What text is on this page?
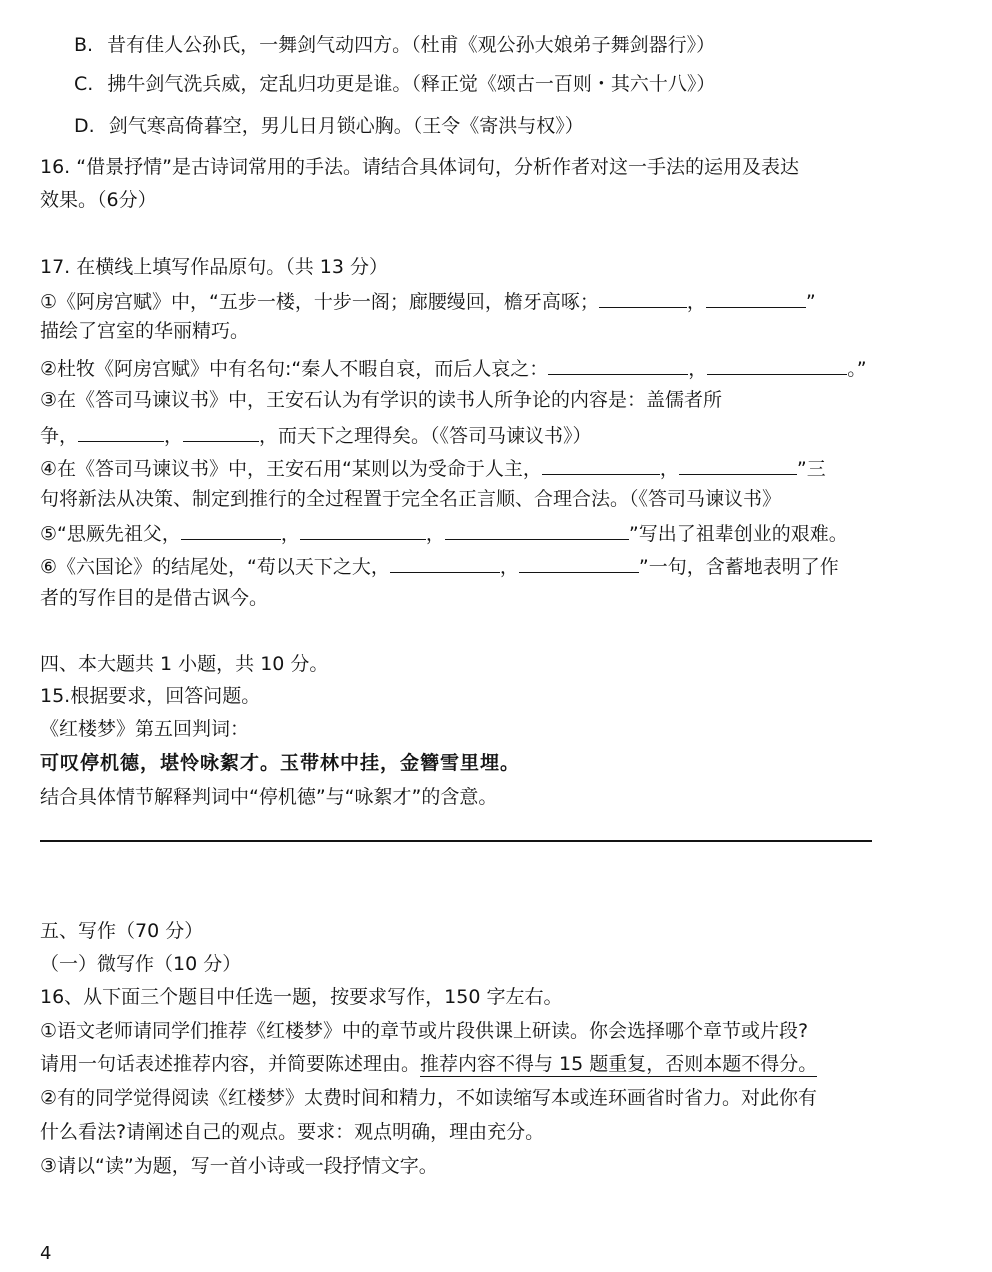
B. 昔有佳人公孙氏，一舞剑气动四方。（杜甫《观公孙大娘弟子舞剑器行》）
C. 拂牛剑气洗兵威，定乱归功更是谁。（释正觉《颂古一百则・其六十八》）
D. 剑气寒高倚暮空，男儿日月锁心胸。（王令《寄洪与权》）
16. “借景抒情”是古诗词常用的手法。请结合具体词句，分析作者对这一手法的运用及表达
效果。（6分）
17. 在横线上填写作品原句。（共 13 分）
①《阿房宫赋》中，“五步一楼，十步一阁；廊腰缦回，檐牙高啄；	，	”
描绘了宫室的华丽精巧。
②杜牧《阿房宫赋》中有名句:“秦人不暇自哀，而后人哀之：	，	。”
③在《答司马谏议书》中，王安石认为有学识的读书人所争论的内容是：盖儒者所
争，	，	，而天下之理得矣。（《答司马谏议书》）
④在《答司马谏议书》中，王安石用“某则以为受命于人主，	，	”三
句将新法从决策、制定到推行的全过程置于完全名正言顺、合理合法。（《答司马谏议书》
⑤“思厥先祖父，	，	，	”写出了祖辈创业的艰难。
⑥《六国论》的结尾处，“苟以天下之大，	，	”一句，含蓄地表明了作
者的写作目的是借古讽今。
四、本大题共 1 小题，共 10 分。
15.根据要求，回答问题。
《红楼梦》第五回判词：
可叹停机德，堪怜咏絮才。玉带林中挂，金簪雪里埋。
结合具体情节解释判词中“停机德”与“咏絮才”的含意。
五、写作（70 分）
（一）微写作（10 分）
16、从下面三个题目中任选一题，按要求写作，150 字左右。
①语文老师请同学们推荐《红楼梦》中的章节或片段供课上研读。你会选择哪个章节或片段?
请用一句话表述推荐内容，并简要陈述理由。推荐内容不得与 15 题重复，否则本题不得分。
②有的同学觉得阅读《红楼梦》太费时间和精力，不如读缩写本或连环画省时省力。对此你有
什么看法?请阐述自己的观点。要求：观点明确，理由充分。
③请以“读”为题，写一首小诗或一段抒情文字。
4
